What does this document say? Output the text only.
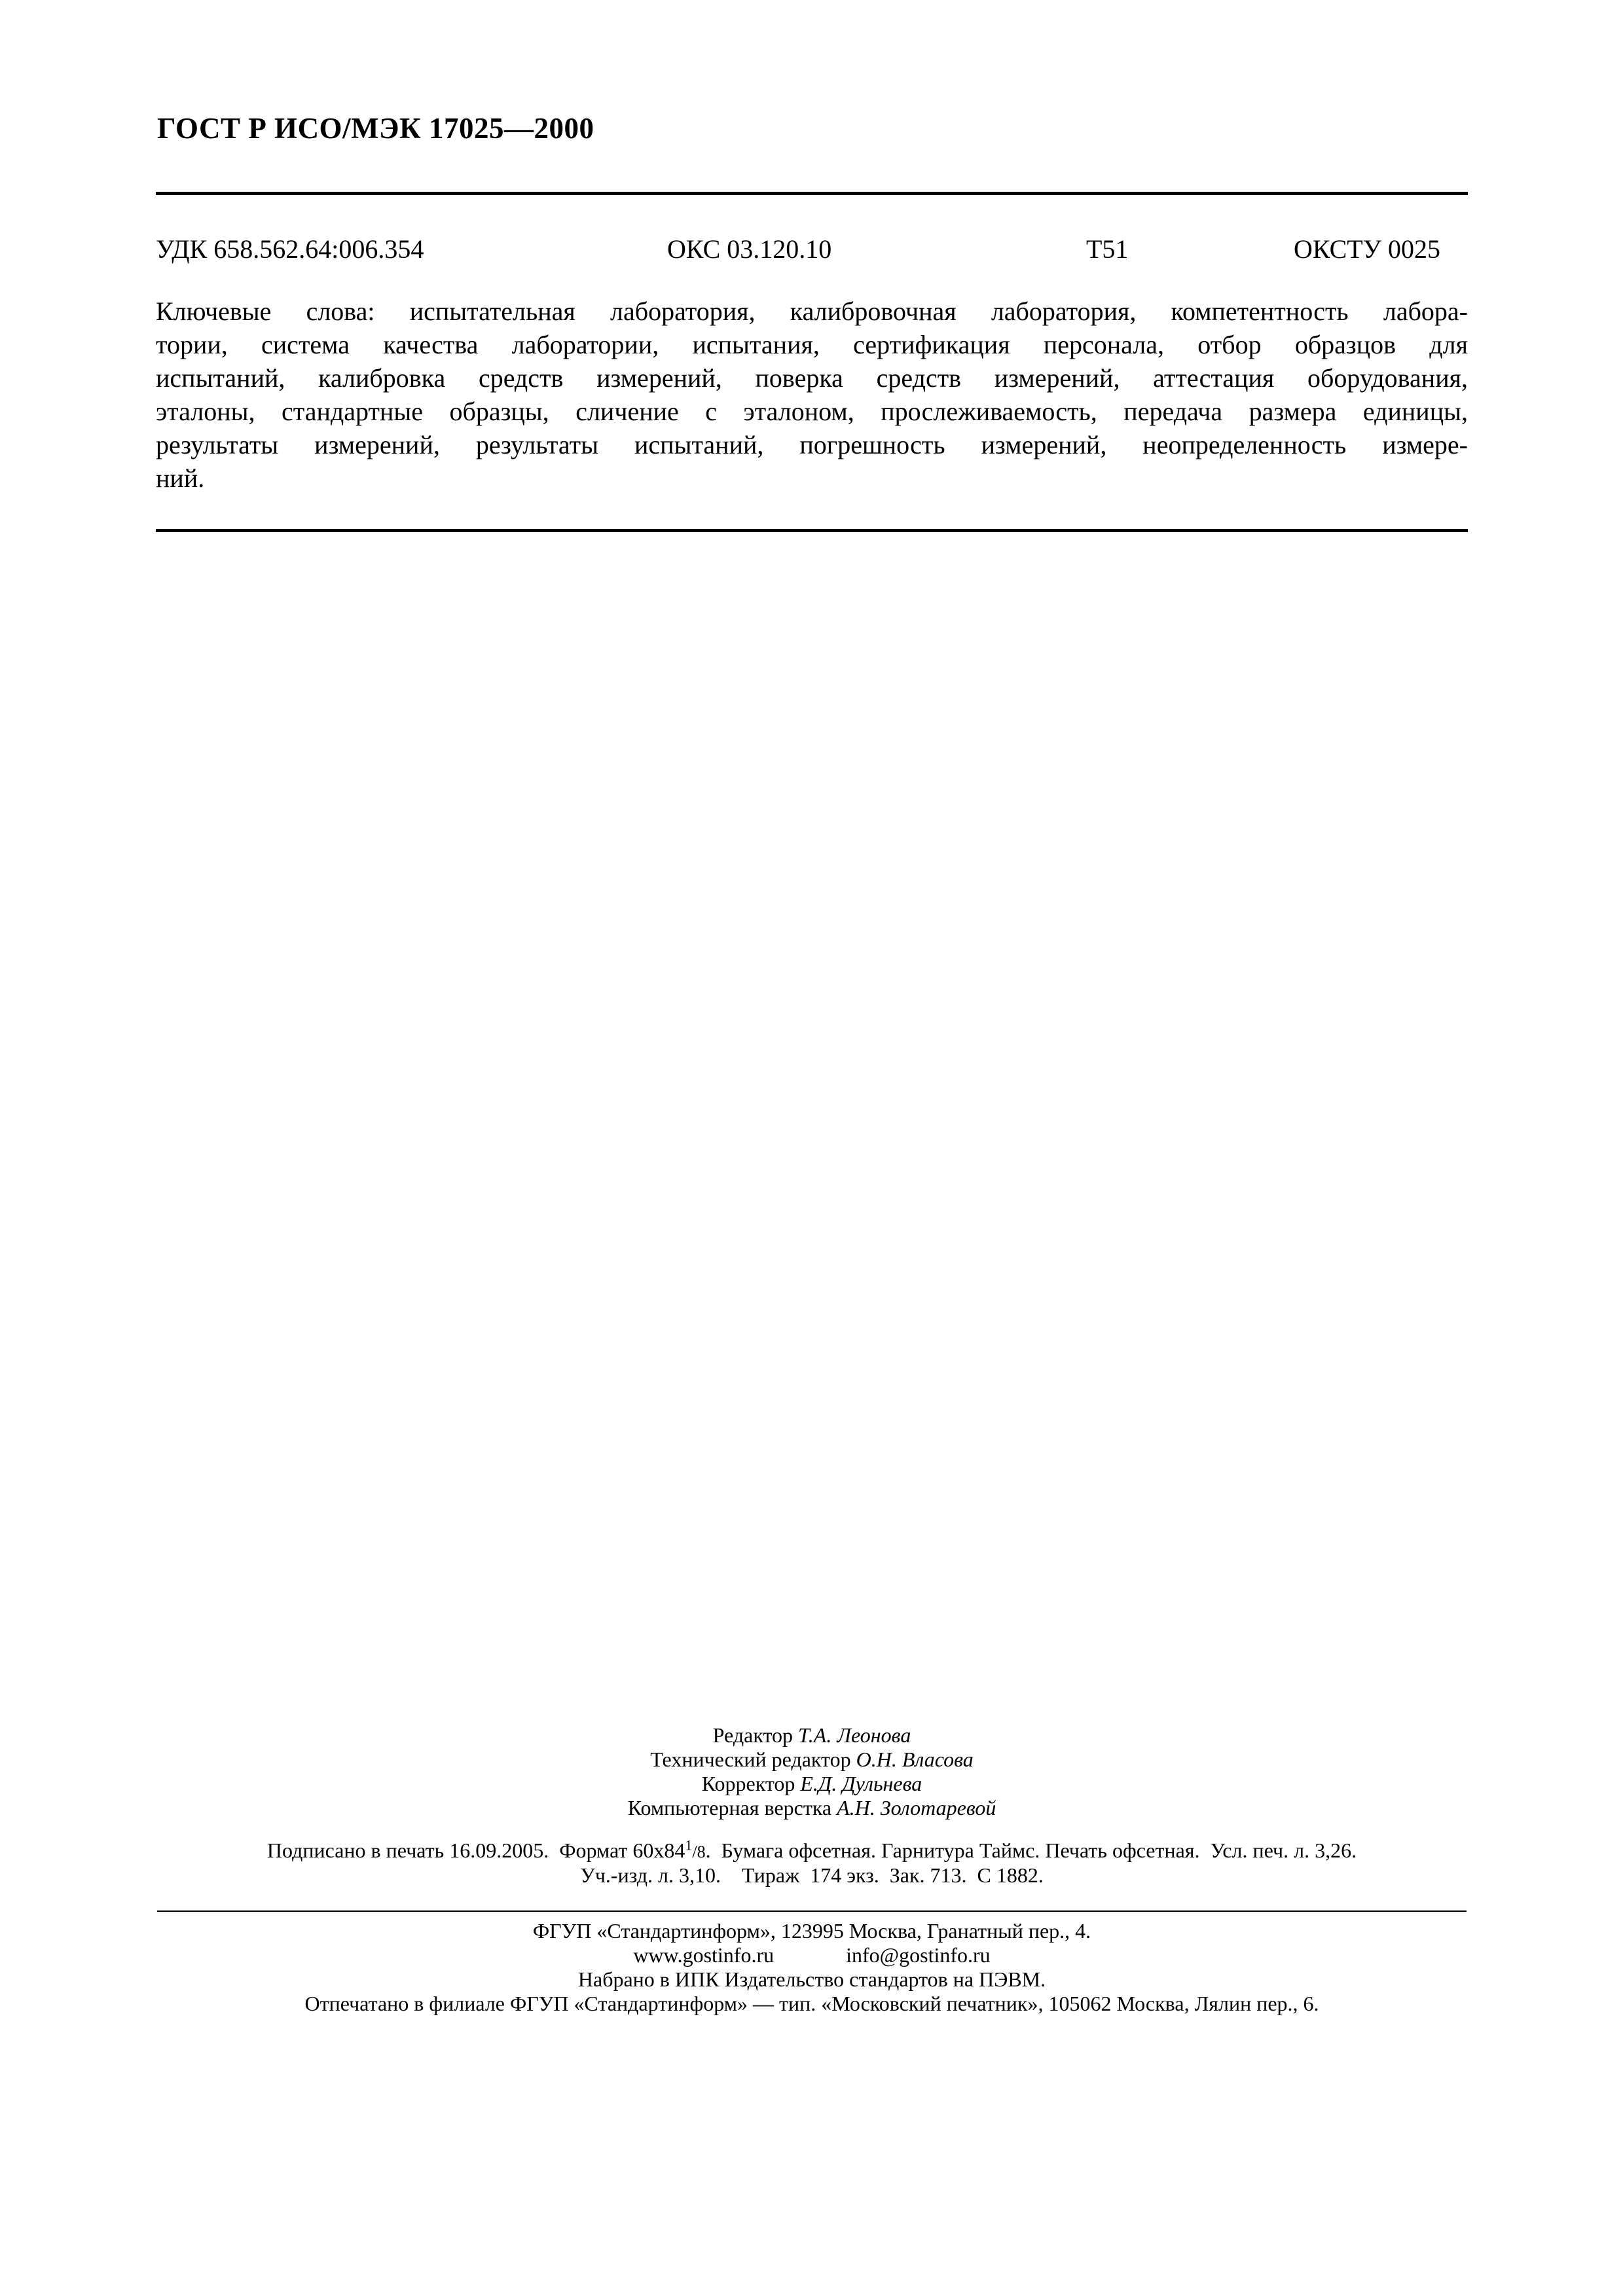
ГОСТ Р ИСО/МЭК 17025—2000
УДК 658.562.64:006.354	ОКС 03.120.10	Т51	ОКСТУ 0025

Ключевые слова: испытательная лаборатория, калибровочная лаборатория, компетентность лабора-
тории, система качества лаборатории, испытания, сертификация персонала, отбор образцов для
испытаний, калибровка средств измерений, поверка средств измерений, аттестация оборудования,
эталоны, стандартные образцы, сличение с эталоном, прослеживаемость, передача размера единицы,
результаты измерений, результаты испытаний, погрешность измерений, неопределенность измере-
ний.

Редактор Т.А. Леонова
Технический редактор О.Н. Власова
Корректор Е.Д. Дульнева
Компьютерная верстка А.Н. Золотаревой
Подписано в печать 16.09.2005.  Формат $60х84^1/8$.  Бумага офсетная. Гарнитура Таймс. Печать офсетная.  Усл. печ. л. 3,26.
Уч.-изд. л. 3,10.    Тираж  174 экз.  Зак. 713.  С 1882.
ФГУП «Стандартинформ», 123995 Москва, Гранатный пер., 4.
www.gostinfo.ru	info@gostinfo.ru
Набрано в ИПК Издательство стандартов на ПЭВМ.
Отпечатано в филиале ФГУП «Стандартинформ» — тип. «Московский печатник», 105062 Москва, Лялин пер., 6.
